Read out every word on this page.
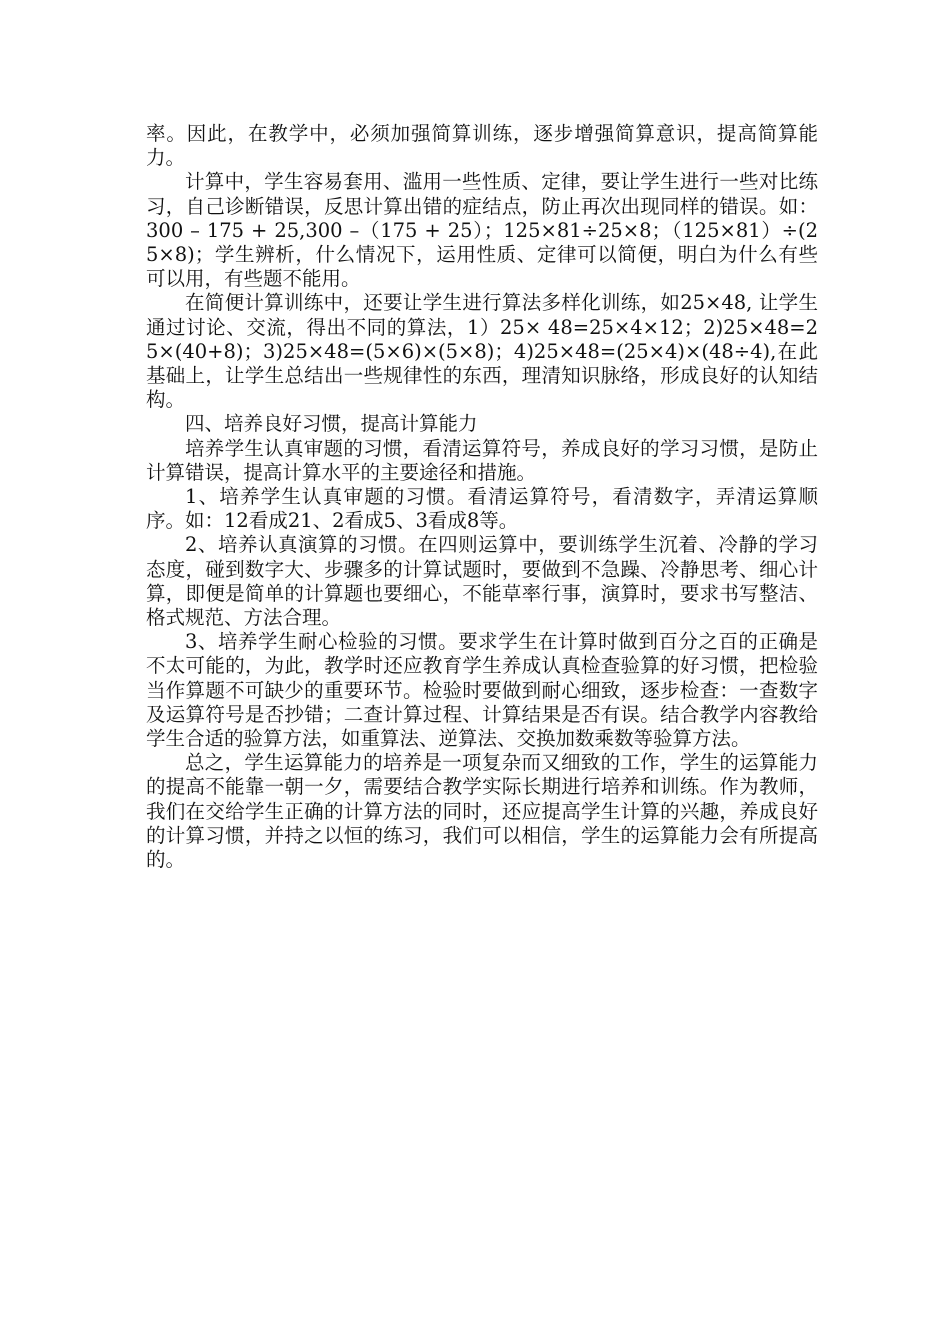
率。因此，在教学中，必须加强简算训练，逐步增强简算意识，提高简算能力。

计算中，学生容易套用、滥用一些性质、定律，要让学生进行一些对比练习，自己诊断错误，反思计算出错的症结点，防止再次出现同样的错误。如：300 – 175 + 25,300 –（175 + 25）；125×81÷25×8；（125×81）÷(25×8)；学生辨析，什么情况下，运用性质、定律可以简便，明白为什么有些可以用，有些题不能用。

在简便计算训练中，还要让学生进行算法多样化训练，如25×48, 让学生通过讨论、交流，得出不同的算法，1）25× 48=25×4×12；2)25×48=25×(40+8)；3)25×48=(5×6)×(5×8)；4)25×48=(25×4)×(48÷4),在此基础上，让学生总结出一些规律性的东西，理清知识脉络，形成良好的认知结构。

四、培养良好习惯，提高计算能力

培养学生认真审题的习惯，看清运算符号，养成良好的学习习惯，是防止计算错误，提高计算水平的主要途径和措施。

1、培养学生认真审题的习惯。看清运算符号，看清数字，弄清运算顺序。如：12看成21、2看成5、3看成8等。

2、培养认真演算的习惯。在四则运算中，要训练学生沉着、冷静的学习态度，碰到数字大、步骤多的计算试题时，要做到不急躁、冷静思考、细心计算，即便是简单的计算题也要细心，不能草率行事，演算时，要求书写整洁、格式规范、方法合理。

3、培养学生耐心检验的习惯。要求学生在计算时做到百分之百的正确是不太可能的，为此，教学时还应教育学生养成认真检查验算的好习惯，把检验当作算题不可缺少的重要环节。检验时要做到耐心细致，逐步检查：一查数字及运算符号是否抄错；二查计算过程、计算结果是否有误。结合教学内容教给学生合适的验算方法，如重算法、逆算法、交换加数乘数等验算方法。

总之，学生运算能力的培养是一项复杂而又细致的工作，学生的运算能力的提高不能靠一朝一夕，需要结合教学实际长期进行培养和训练。作为教师，我们在交给学生正确的计算方法的同时，还应提高学生计算的兴趣，养成良好的计算习惯，并持之以恒的练习，我们可以相信，学生的运算能力会有所提高的。
